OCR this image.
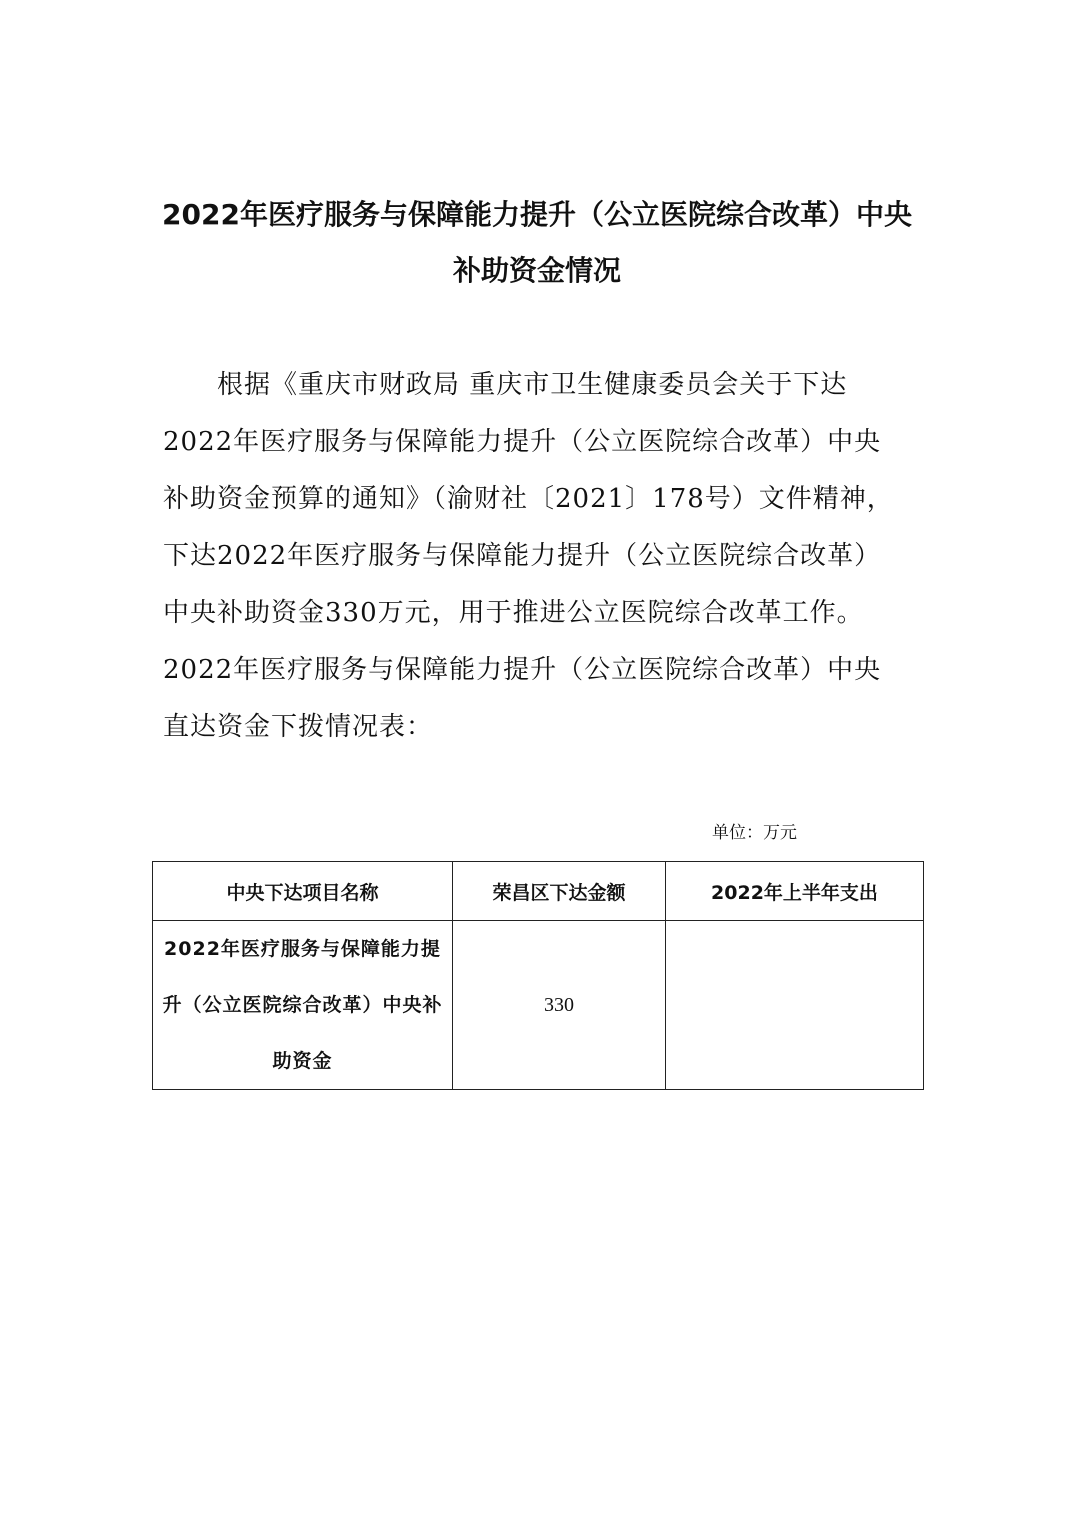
2022年医疗服务与保障能力提升（公立医院综合改革）中央
补助资金情况
　　根据《重庆市财政局 重庆市卫生健康委员会关于下达
2022年医疗服务与保障能力提升（公立医院综合改革）中央
补助资金预算的通知》（渝财社〔2021〕178号）文件精神，
下达2022年医疗服务与保障能力提升（公立医院综合改革）
中央补助资金330万元，用于推进公立医院综合改革工作。
2022年医疗服务与保障能力提升（公立医院综合改革）中央
直达资金下拨情况表：
单位：万元
中央下达项目名称	荣昌区下达金额	2022年上半年支出
2022年医疗服务与保障能力提升（公立医院综合改革）中央补助资金	330	
